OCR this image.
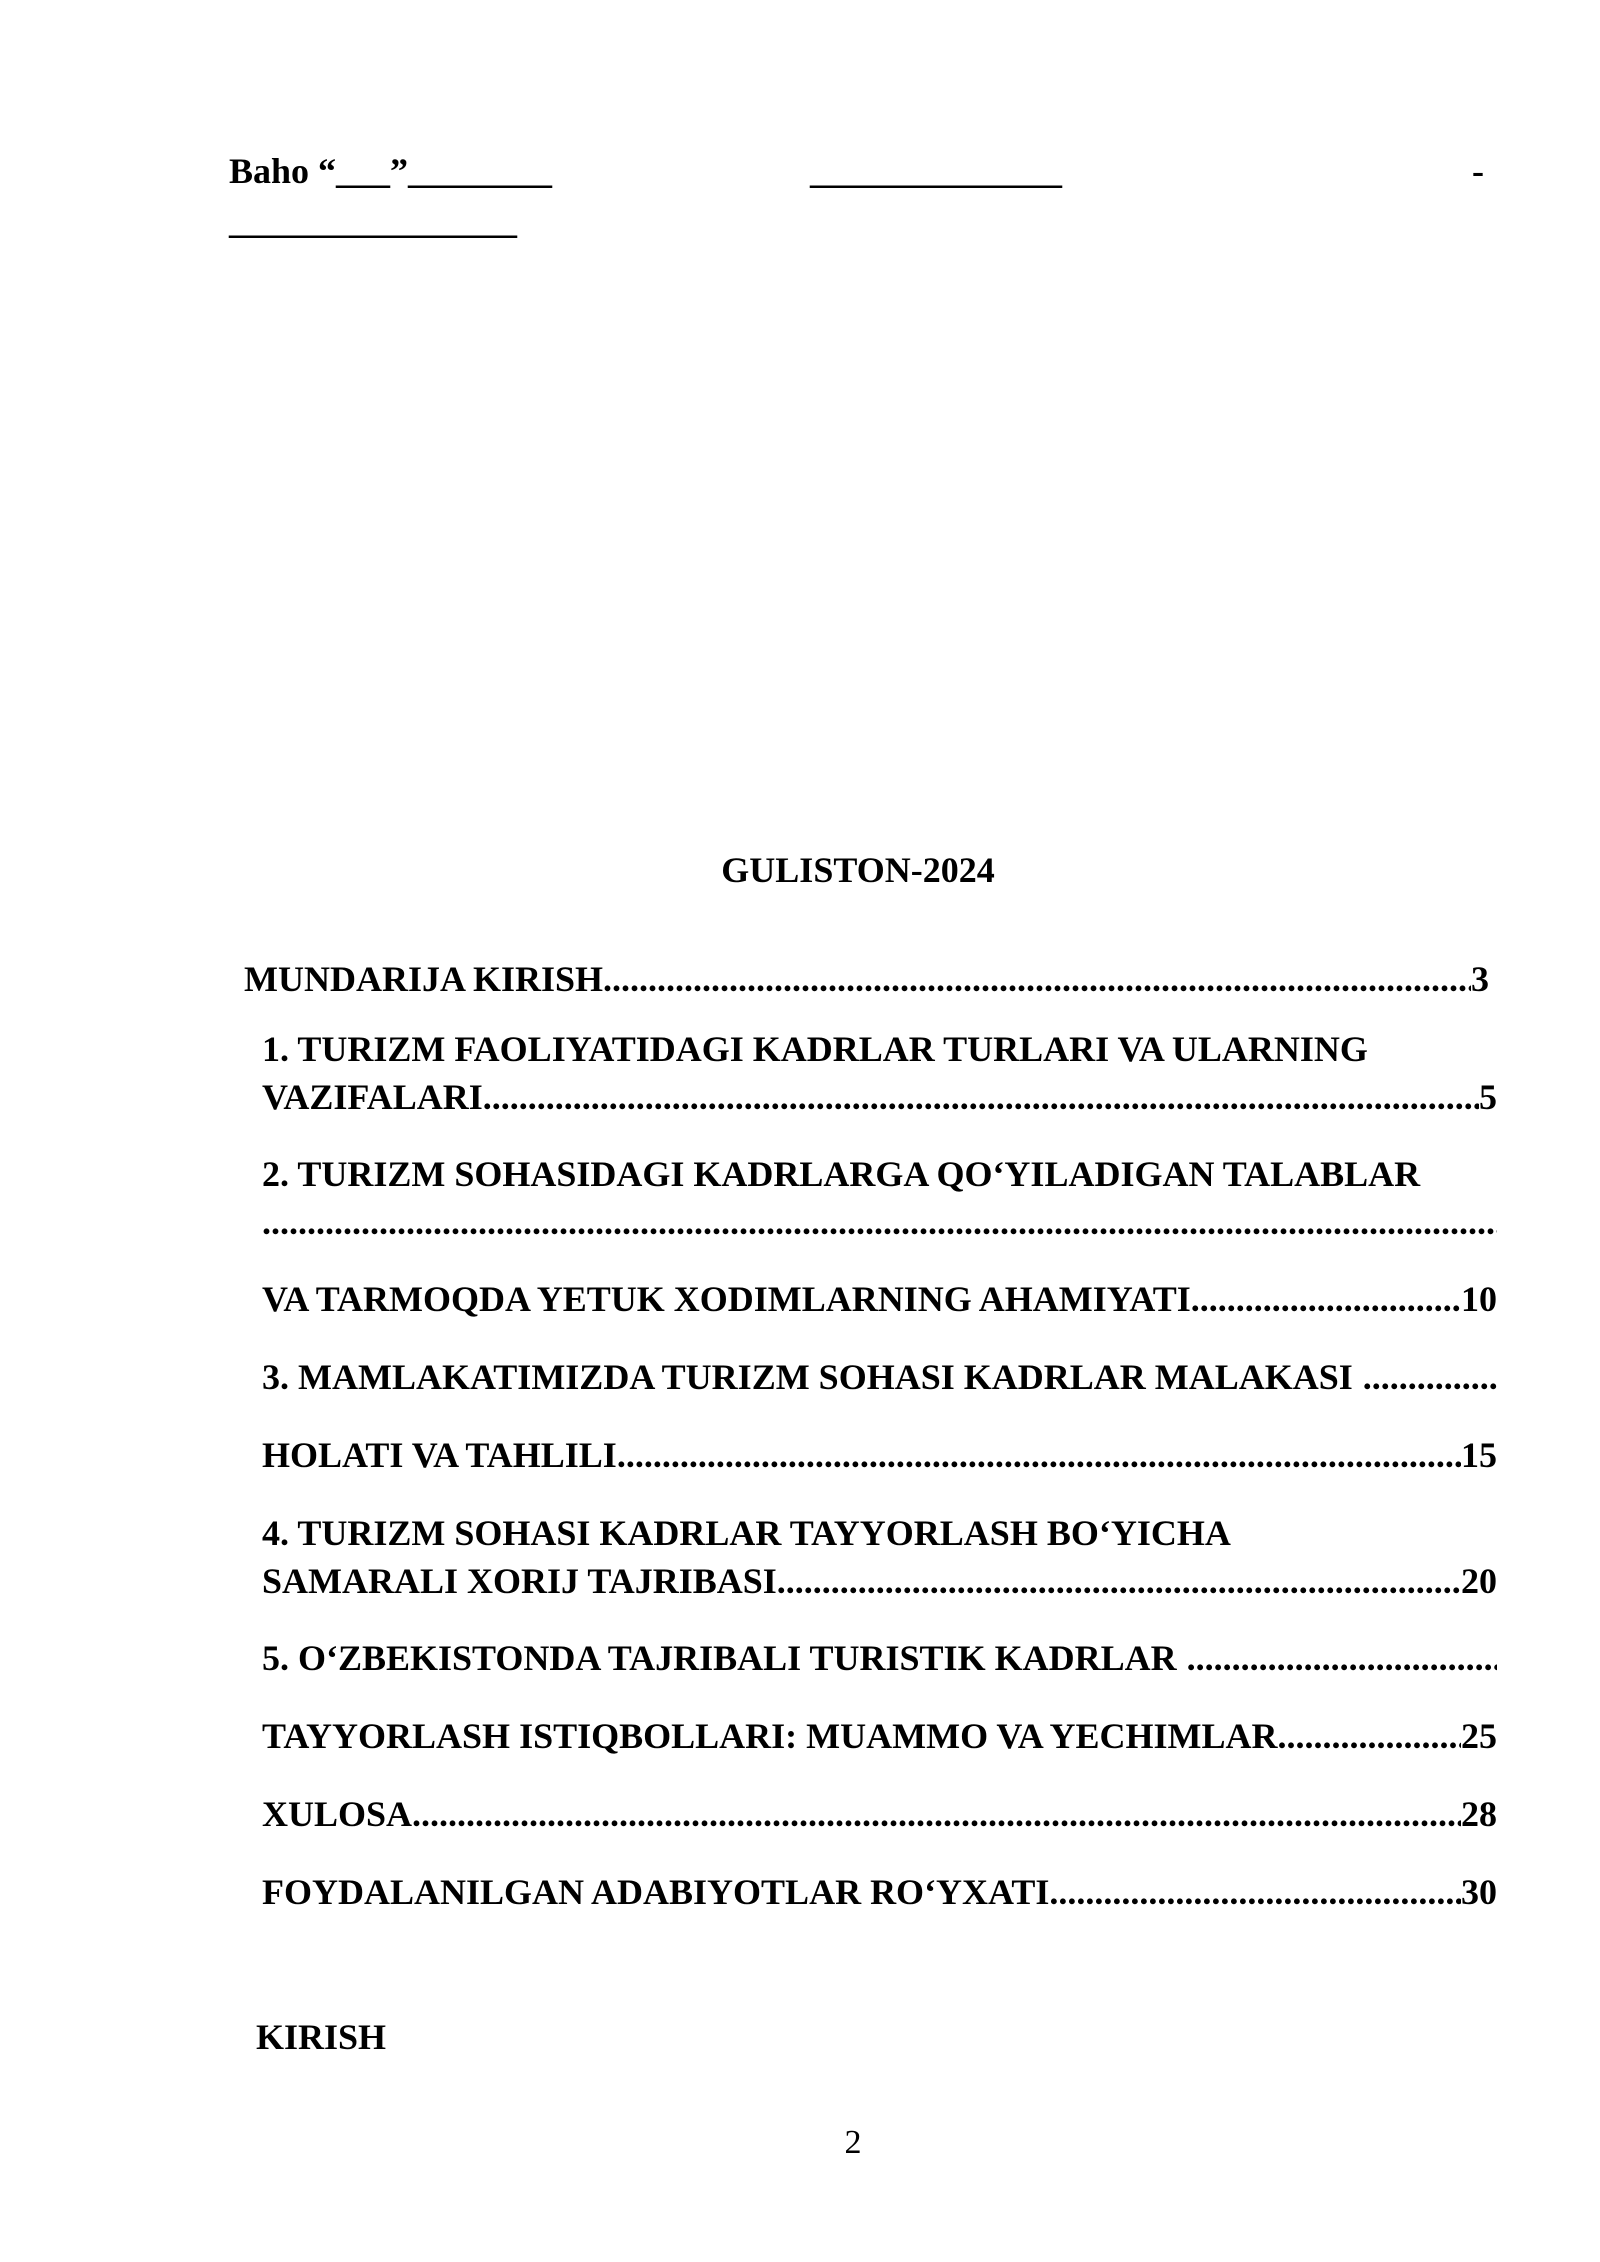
Baho “___”________	______________	-
________________
GULISTON-2024
MUNDARIJA KIRISH .....	3
1. TURIZM FAOLIYATIDAGI KADRLAR TURLARI VA ULARNING
VAZIFALARI .....	5
2. TURIZM SOHASIDAGI KADRLARGA QO‘YILADIGAN TALABLAR
.....
VA TARMOQDA YETUK XODIMLARNING AHAMIYATI .....	10
3. MAMLAKATIMIZDA TURIZM SOHASI KADRLAR MALAKASI
.....
HOLATI VA TAHLILI .....	15
4. TURIZM SOHASI KADRLAR TAYYORLASH BO‘YICHA
SAMARALI XORIJ TAJRIBASI .....	20
5. O‘ZBEKISTONDA TAJRIBALI TURISTIK KADRLAR
.....
TAYYORLASH ISTIQBOLLARI: MUAMMO VA YECHIMLAR .....	25
XULOSA .....	28
FOYDALANILGAN ADABIYOTLAR RO‘YXATI .....	30
KIRISH
2
